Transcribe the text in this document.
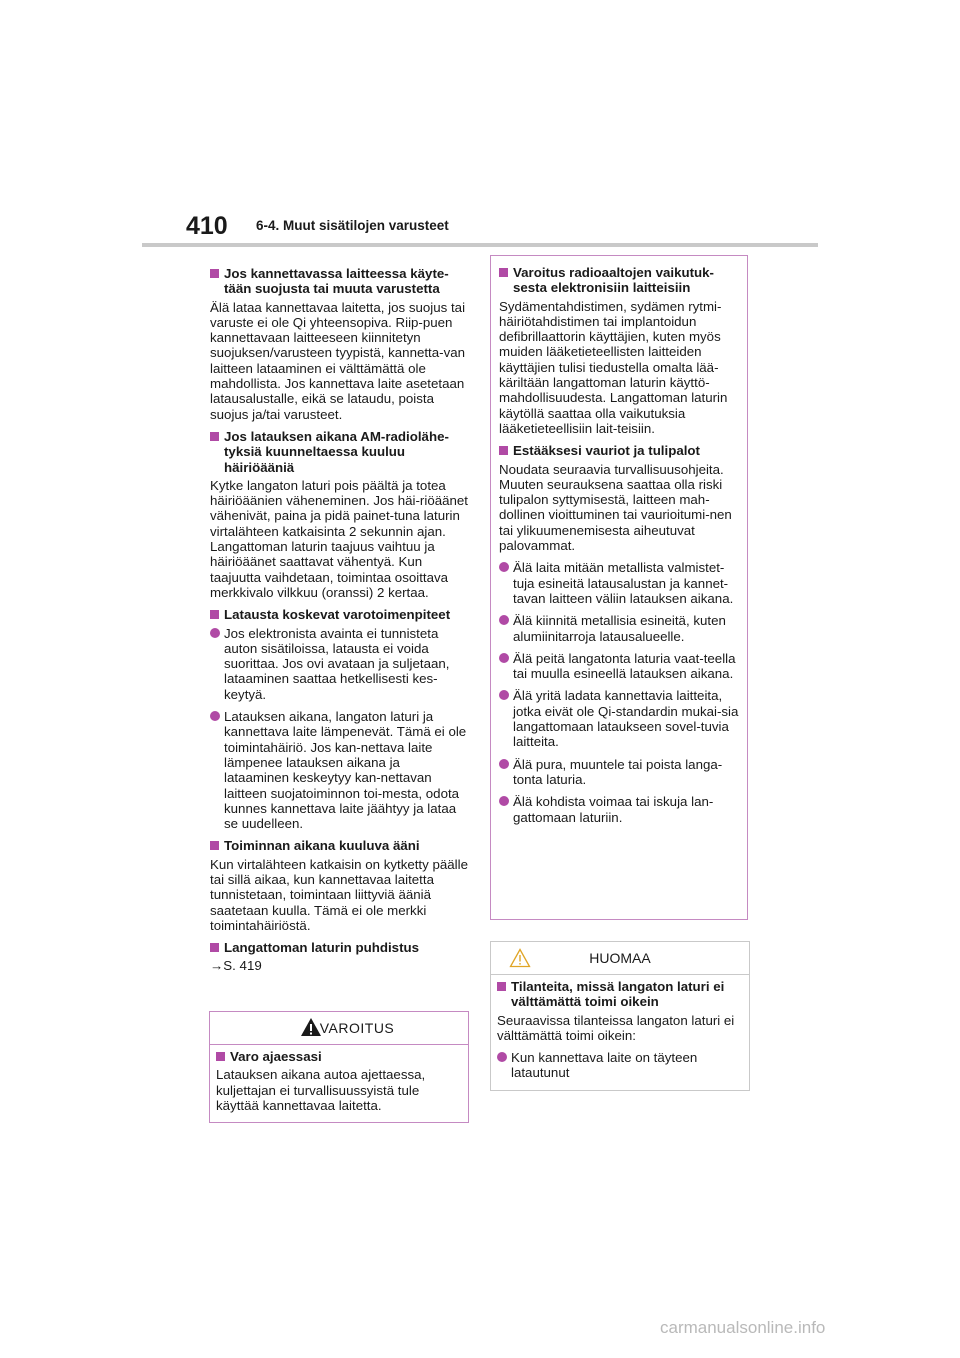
410 6-4. Muut sisätilojen varusteet
Jos kannettavassa laitteessa käyte-tään suojusta tai muuta varustetta

Älä lataa kannettavaa laitetta, jos suojus tai varuste ei ole Qi yhteensopiva. Riip-puen kannettavaan laitteeseen kiinnitetyn suojuksen/varusteen tyypistä, kannetta-van laitteen lataaminen ei välttämättä ole mahdollista. Jos kannettava laite asetetaan latausalustalle, eikä se lataudu, poista suojus ja/tai varusteet.

Jos latauksen aikana AM-radiolähe-tyksiä kuunneltaessa kuuluu häiriöääniä

Kytke langaton laturi pois päältä ja totea häiriöäänien väheneminen. Jos häi-riöäänet vähenivät, paina ja pidä painet-tuna laturin virtalähteen katkaisinta 2 sekunnin ajan. Langattoman laturin taajuus vaihtuu ja häiriöäänet saattavat vähentyä. Kun taajuutta vaihdetaan, toimintaa osoittava merkkivalo vilkkuu (oranssi) 2 kertaa.

Latausta koskevat varotoimenpiteet
Jos elektronista avainta ei tunnisteta auton sisätiloissa, latausta ei voida suorittaa. Jos ovi avataan ja suljetaan, lataaminen saattaa hetkellisesti kes-keytyä.
Latauksen aikana, langaton laturi ja kannettava laite lämpenevät. Tämä ei ole toimintahäiriö. Jos kan-nettava laite lämpenee latauksen aikana ja lataaminen keskeytyy kan-nettavan laitteen suojatoiminnon toi-mesta, odota kunnes kannettava laite jäähtyy ja lataa se uudelleen.
Toiminnan aikana kuuluva ääni

Kun virtalähteen katkaisin on kytketty päälle tai sillä aikaa, kun kannettavaa laitetta tunnistetaan, toimintaan liittyviä ääniä saatetaan kuulla. Tämä ei ole merkki toimintahäiriöstä.

Langattoman laturin puhdistus

→S. 419

VAROITUS
Varo ajaessasi

Latauksen aikana autoa ajettaessa, kuljettajan ei turvallisuussyistä tule käyttää kannettavaa laitetta.

Varoitus radioaaltojen vaikutuk-sesta elektronisiin laitteisiin

Sydämentahdistimen, sydämen rytmi-häiriötahdistimen tai implantoidun defibrillaattorin käyttäjien, kuten myös muiden lääketieteellisten laitteiden käyttäjien tulisi tiedustella omalta lää-käriltään langattoman laturin käyttö-mahdollisuudesta. Langattoman laturin käytöllä saattaa olla vaikutuksia lääketieteellisiin lait-teisiin.

Estääksesi vauriot ja tulipalot

Noudata seuraavia turvallisuusohjeita. Muuten seurauksena saattaa olla riski tulipalon syttymisestä, laitteen mah-dollinen vioittuminen tai vaurioitumi-nen tai ylikuumenemisesta aiheutuvat palovammat.

Älä laita mitään metallista valmistet-tuja esineitä latausalustan ja kannet-tavan laitteen väliin latauksen aikana.
Älä kiinnitä metallisia esineitä, kuten alumiinitarroja latausalueelle.
Älä peitä langatonta laturia vaat-teella tai muulla esineellä latauksen aikana.
Älä yritä ladata kannettavia laitteita, jotka eivät ole Qi-standardin mukai-sia langattomaan lataukseen sovel-tuvia laitteita.
Älä pura, muuntele tai poista langa-tonta laturia.
Älä kohdista voimaa tai iskuja lan-gattomaan laturiin.
HUOMAA
Tilanteita, missä langaton laturi ei välttämättä toimi oikein

Seuraavissa tilanteissa langaton laturi ei välttämättä toimi oikein:

Kun kannettava laite on täyteen latautunut
carmanualsonline.info
